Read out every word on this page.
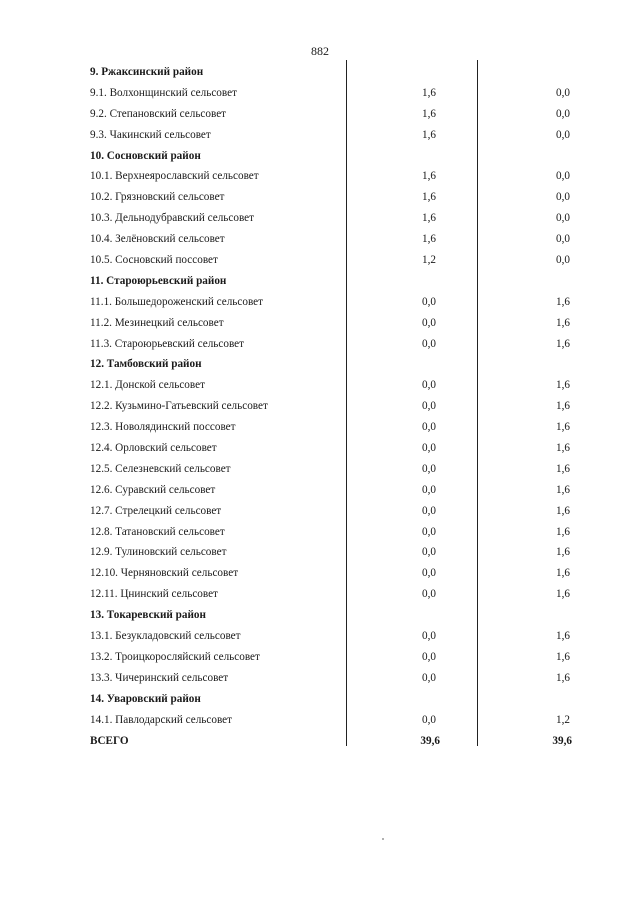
882
9. Ржаксинский район
9.1. Волхонщинский сельсовет	1,6	0,0
9.2. Степановский сельсовет	1,6	0,0
9.3. Чакинский сельсовет	1,6	0,0
10. Сосновский район
10.1. Верхнеярославский сельсовет	1,6	0,0
10.2. Грязновский сельсовет	1,6	0,0
10.3. Дельнодубравский сельсовет	1,6	0,0
10.4. Зелёновский сельсовет	1,6	0,0
10.5. Сосновский поссовет	1,2	0,0
11. Староюрьевский район
11.1. Большедороженский сельсовет	0,0	1,6
11.2. Мезинецкий сельсовет	0,0	1,6
11.3. Староюрьевский сельсовет	0,0	1,6
12. Тамбовский район
12.1. Донской сельсовет	0,0	1,6
12.2. Кузьмино-Гатьевский сельсовет	0,0	1,6
12.3. Новолядинский поссовет	0,0	1,6
12.4. Орловский сельсовет	0,0	1,6
12.5. Селезневский сельсовет	0,0	1,6
12.6. Суравский сельсовет	0,0	1,6
12.7. Стрелецкий сельсовет	0,0	1,6
12.8. Татановский сельсовет	0,0	1,6
12.9. Тулиновский сельсовет	0,0	1,6
12.10. Черняновский сельсовет	0,0	1,6
12.11. Цнинский сельсовет	0,0	1,6
13. Токаревский район
13.1. Безукладовский сельсовет	0,0	1,6
13.2. Троицкоросляйский сельсовет	0,0	1,6
13.3. Чичеринский сельсовет	0,0	1,6
14. Уваровский район
14.1. Павлодарский сельсовет	0,0	1,2
ВСЕГО	39,6	39,6
